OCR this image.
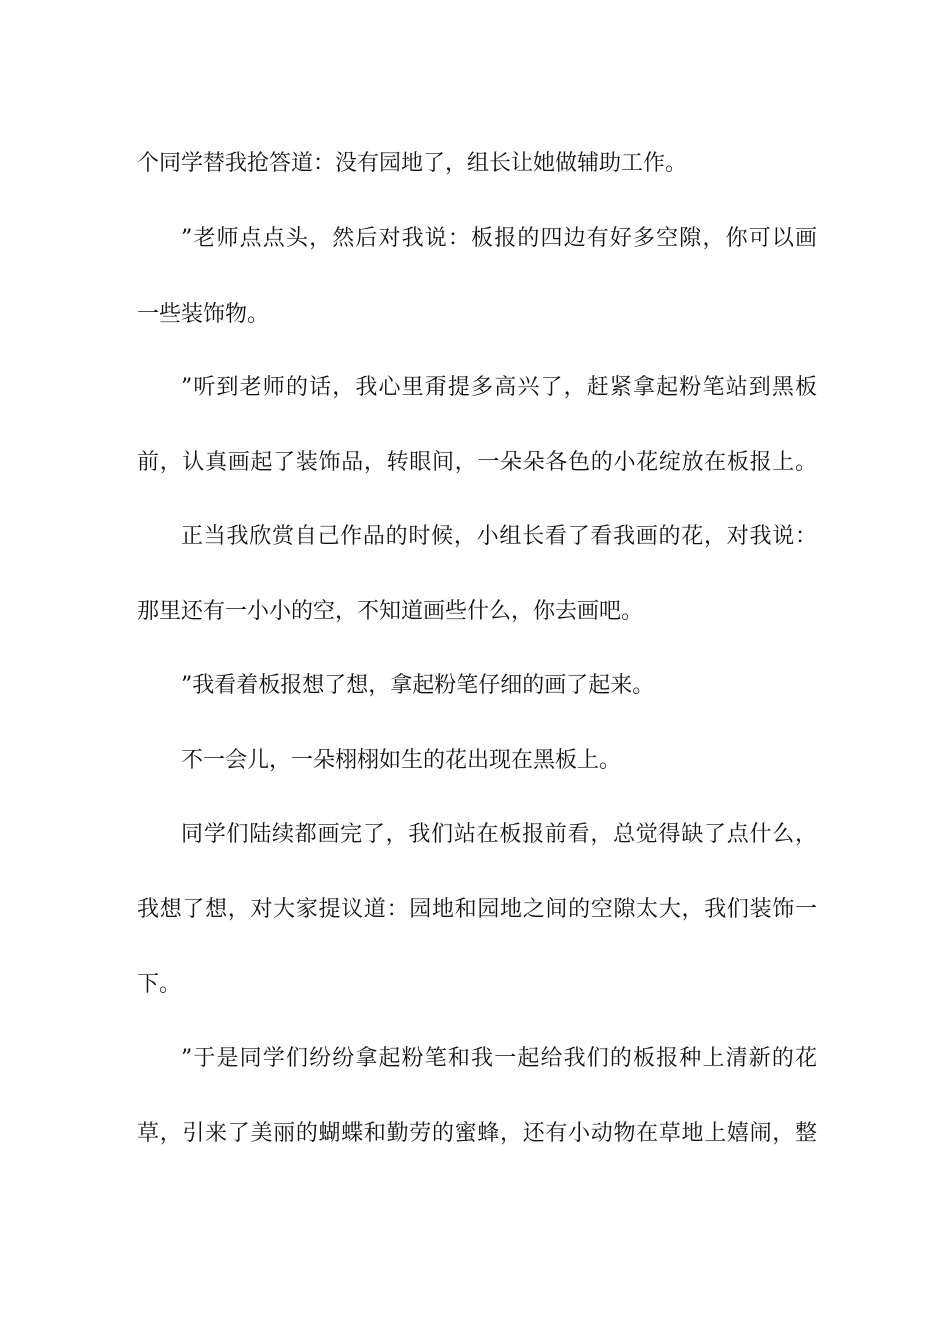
个同学替我抢答道：没有园地了，组长让她做辅助工作。
”老师点点头，然后对我说：板报的四边有好多空隙，你可以画
一些装饰物。
”听到老师的话，我心里甭提多高兴了，赶紧拿起粉笔站到黑板
前，认真画起了装饰品，转眼间，一朵朵各色的小花绽放在板报上。
正当我欣赏自己作品的时候，小组长看了看我画的花，对我说：
那里还有一小小的空，不知道画些什么，你去画吧。
”我看着板报想了想，拿起粉笔仔细的画了起来。
不一会儿，一朵栩栩如生的花出现在黑板上。
同学们陆续都画完了，我们站在板报前看，总觉得缺了点什么，
我想了想，对大家提议道：园地和园地之间的空隙太大，我们装饰一
下。
”于是同学们纷纷拿起粉笔和我一起给我们的板报种上清新的花
草，引来了美丽的蝴蝶和勤劳的蜜蜂，还有小动物在草地上嬉闹，整
